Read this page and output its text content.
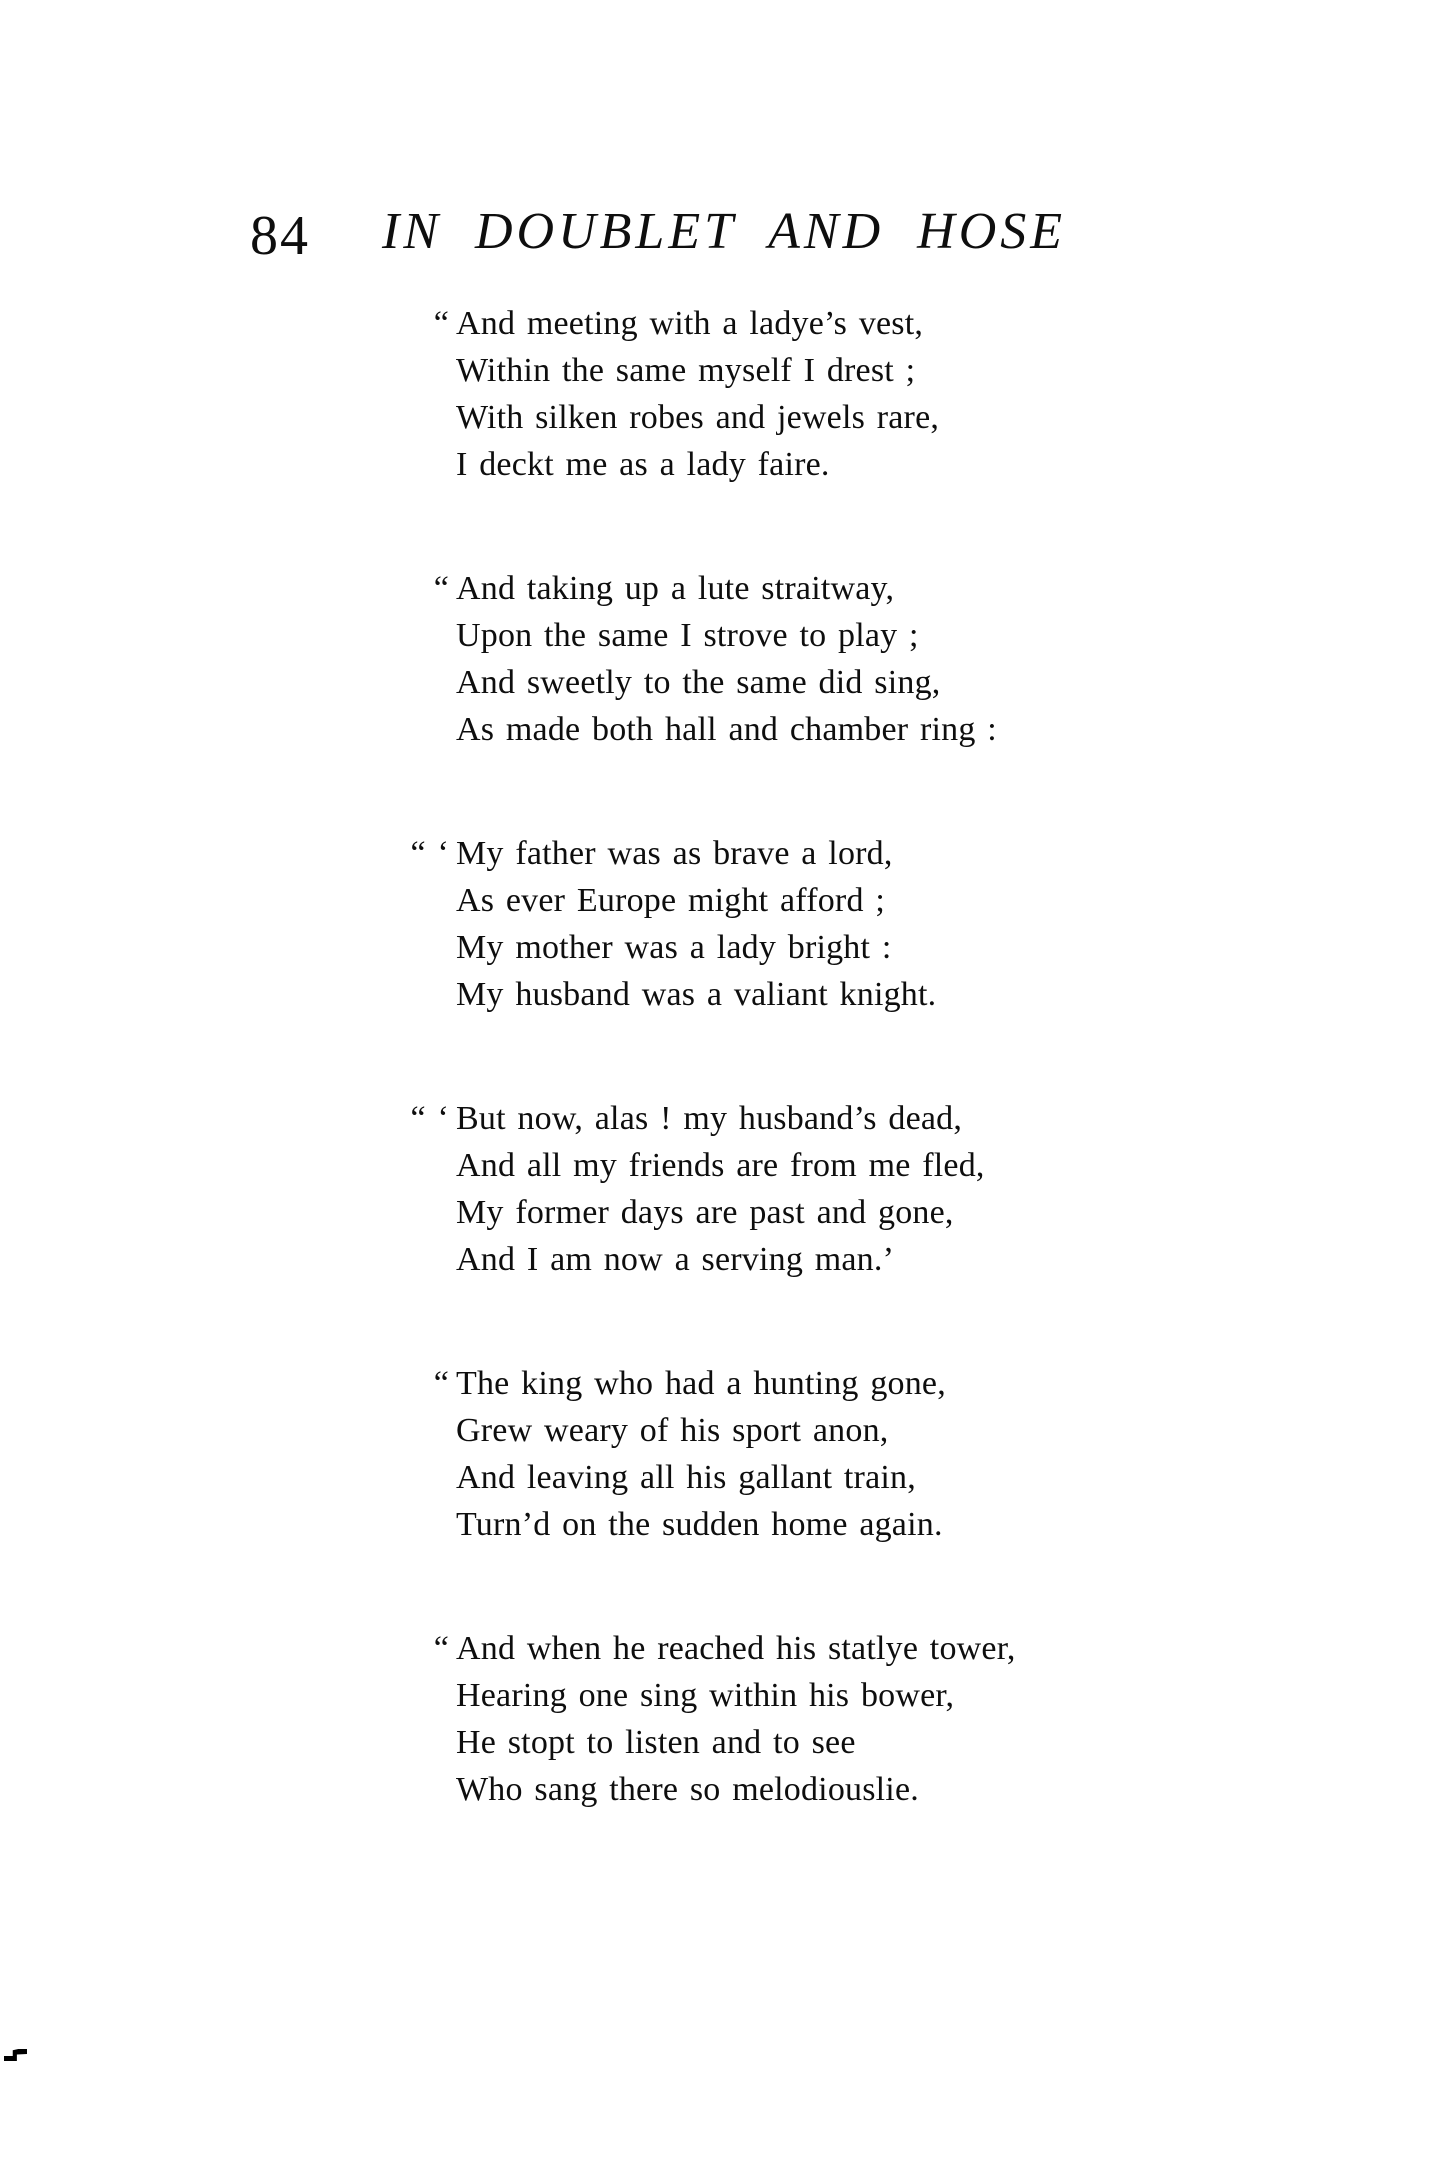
84 IN DOUBLET AND HOSE
“ And meeting with a ladye’s vest,
Within the same myself I drest ;
With silken robes and jewels rare,
I deckt me as a lady faire.
“ And taking up a lute straitway,
Upon the same I strove to play ;
And sweetly to the same did sing,
As made both hall and chamber ring :
“ ‘ My father was as brave a lord,
As ever Europe might afford ;
My mother was a lady bright :
My husband was a valiant knight.
“ ‘ But now, alas ! my husband’s dead,
And all my friends are from me fled,
My former days are past and gone,
And I am now a serving man.’
“ The king who had a hunting gone,
Grew weary of his sport anon,
And leaving all his gallant train,
Turn’d on the sudden home again.
“ And when he reached his statlye tower,
Hearing one sing within his bower,
He stopt to listen and to see
Who sang there so melodiouslie.
